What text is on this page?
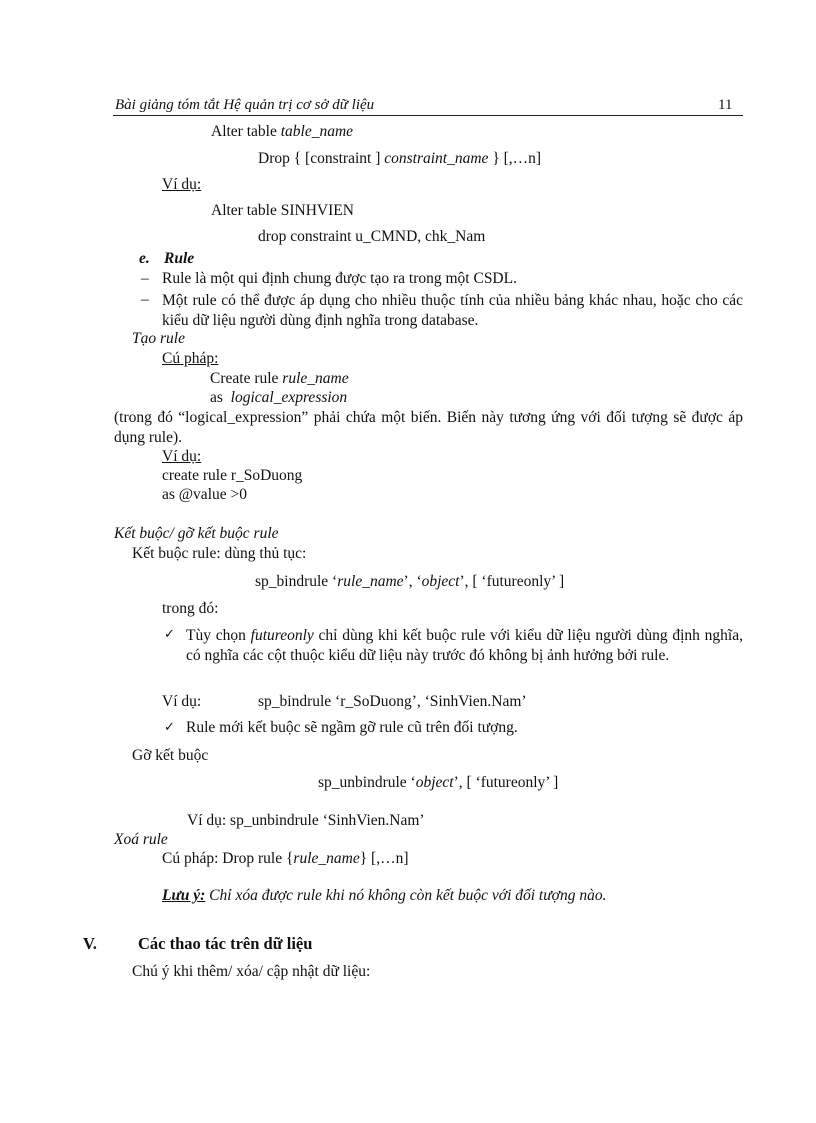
Bài giảng tóm tắt Hệ quản trị cơ sở dữ liệu	11
Alter table table_name
Drop { [constraint ] constraint_name } [,…n]
Ví dụ:
Alter table SINHVIEN
drop constraint u_CMND, chk_Nam
e. Rule
– Rule là một qui định chung được tạo ra trong một CSDL.
– Một rule có thể được áp dụng cho nhiều thuộc tính của nhiều bảng khác nhau, hoặc cho các kiểu dữ liệu người dùng định nghĩa trong database.
Tạo rule
Cú pháp:
Create rule rule_name
as  logical_expression
(trong đó “logical_expression” phải chứa một biến. Biến này tương ứng với đối tượng sẽ được áp dụng rule).
Ví dụ:
create rule r_SoDuong
as @value >0
Kết buộc/ gỡ kết buộc rule
Kết buộc rule: dùng thủ tục:
sp_bindrule ‘rule_name’, ‘object’, [ ‘futureonly’ ]
trong đó:
✓ Tùy chọn futureonly chỉ dùng khi kết buộc rule với kiểu dữ liệu người dùng định nghĩa, có nghĩa các cột thuộc kiểu dữ liệu này trước đó không bị ảnh hưởng bởi rule.
Ví dụ:	sp_bindrule ‘r_SoDuong’, ‘SinhVien.Nam’
✓ Rule mới kết buộc sẽ ngầm gỡ rule cũ trên đối tượng.
Gỡ kết buộc
sp_unbindrule ‘object’, [ ‘futureonly’ ]
Ví dụ: sp_unbindrule ‘SinhVien.Nam’
Xoá rule
Cú pháp: Drop rule {rule_name} [,…n]
Lưu ý: Chỉ xóa được rule khi nó không còn kết buộc với đối tượng nào.
V. Các thao tác trên dữ liệu
Chú ý khi thêm/ xóa/ cập nhật dữ liệu:
